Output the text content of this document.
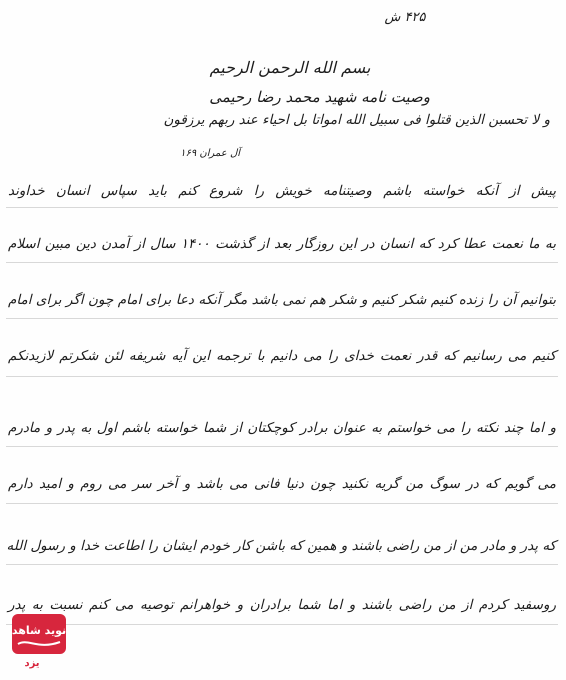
۴۲۵ ش
بسم الله الرحمن الرحیم
وصیت نامه شهید محمد رضا رحیمی
و لا تحسبن الذین قتلوا فی سبیل الله امواتا بل احیاء عند ربهم یرزقون
آل عمران ۱۶۹
پیش از آنکه خواسته باشم وصیتنامه خویش را شروع کنم باید سپاس انسان خداوند
به ما نعمت عطا کرد که انسان در این روزگار بعد از گذشت ۱۴۰۰ سال از آمدن دین مبین اسلام
بتوانیم آن را زنده کنیم شکر کنیم و شکر هم نمی باشد مگر آنکه دعا برای امام چون اگر برای امام
کنیم می رسانیم که قدر نعمت خدای را می دانیم با ترجمه این آیه شریفه لئن شکرتم لازیدنکم
و اما چند نکته را می خواستم به عنوان برادر کوچکتان از شما خواسته باشم اول به پدر و مادرم
می گویم که در سوگ من گریه نکنید چون دنیا فانی می باشد و آخر سر می روم و امید دارم
که پدر و مادر من از من راضی باشند و همین که باشن کار خودم ایشان را اطاعت خدا و رسول الله
روسفید کردم از من راضی باشند و اما شما برادران و خواهرانم توصیه می کنم نسبت به پدر
نوید شاهد
یزد
